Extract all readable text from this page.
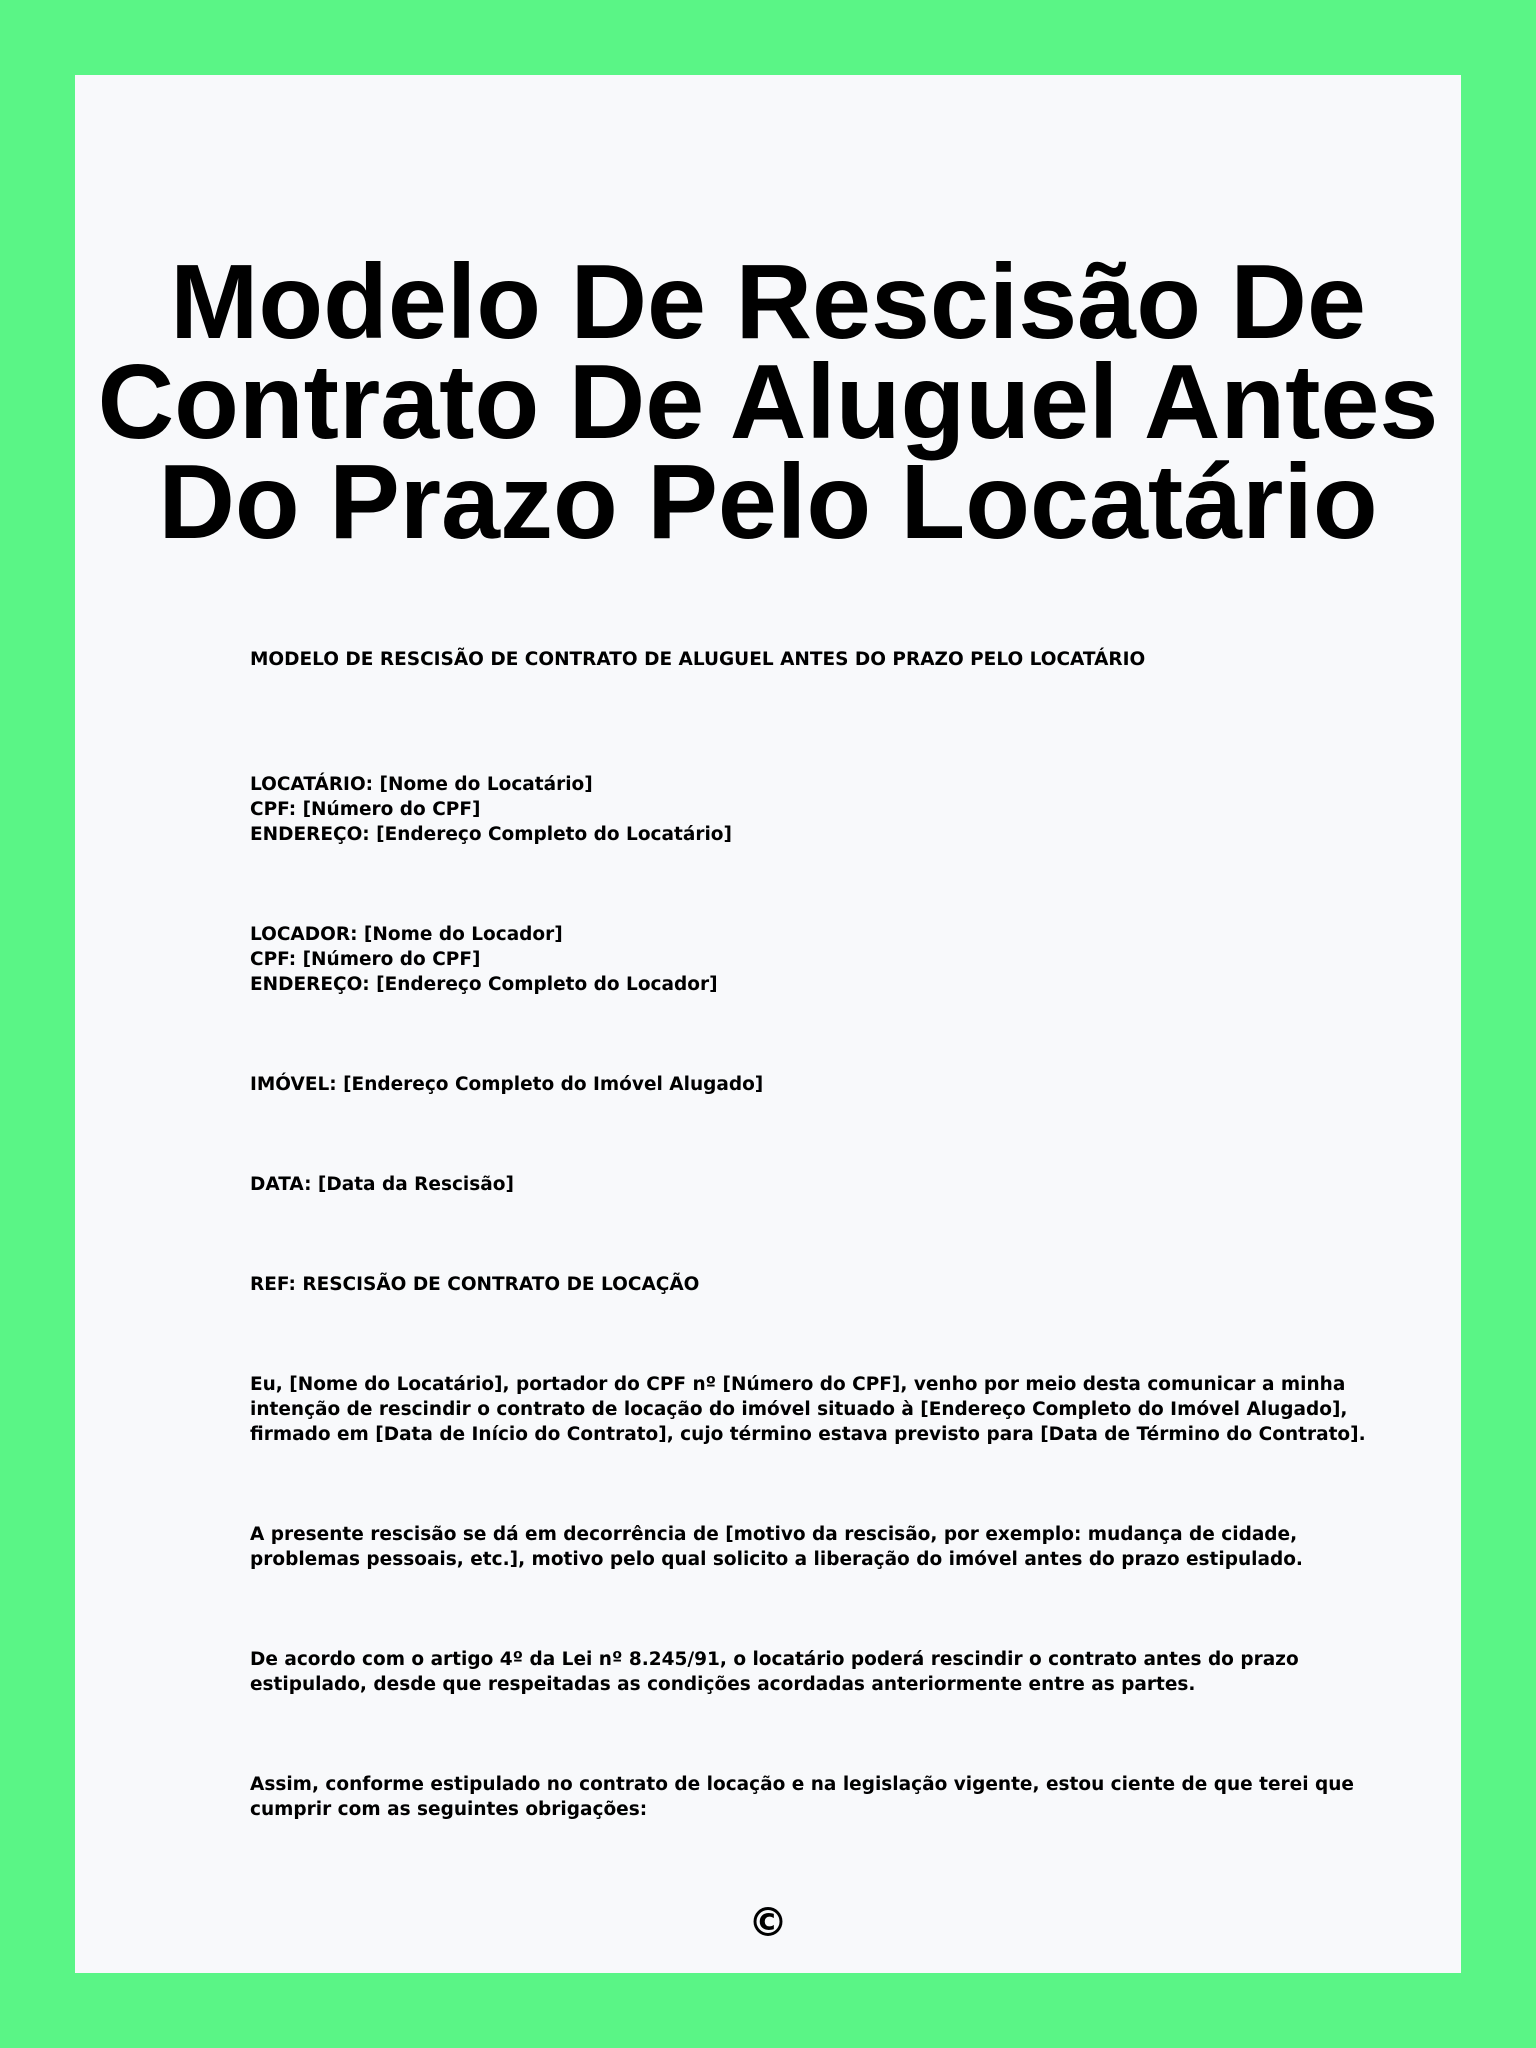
Modelo De Rescisão De
Contrato De Aluguel Antes
Do Prazo Pelo Locatário

MODELO DE RESCISÃO DE CONTRATO DE ALUGUEL ANTES DO PRAZO PELO LOCATÁRIO

LOCATÁRIO: [Nome do Locatário]
CPF: [Número do CPF]
ENDEREÇO: [Endereço Completo do Locatário]

LOCADOR: [Nome do Locador]
CPF: [Número do CPF]
ENDEREÇO: [Endereço Completo do Locador]

IMÓVEL: [Endereço Completo do Imóvel Alugado]

DATA: [Data da Rescisão]

REF: RESCISÃO DE CONTRATO DE LOCAÇÃO

Eu, [Nome do Locatário], portador do CPF nº [Número do CPF], venho por meio desta comunicar a minha
intenção de rescindir o contrato de locação do imóvel situado à [Endereço Completo do Imóvel Alugado],
firmado em [Data de Início do Contrato], cujo término estava previsto para [Data de Término do Contrato].

A presente rescisão se dá em decorrência de [motivo da rescisão, por exemplo: mudança de cidade,
problemas pessoais, etc.], motivo pelo qual solicito a liberação do imóvel antes do prazo estipulado.

De acordo com o artigo 4º da Lei nº 8.245/91, o locatário poderá rescindir o contrato antes do prazo
estipulado, desde que respeitadas as condições acordadas anteriormente entre as partes.

Assim, conforme estipulado no contrato de locação e na legislação vigente, estou ciente de que terei que
cumprir com as seguintes obrigações:

©
